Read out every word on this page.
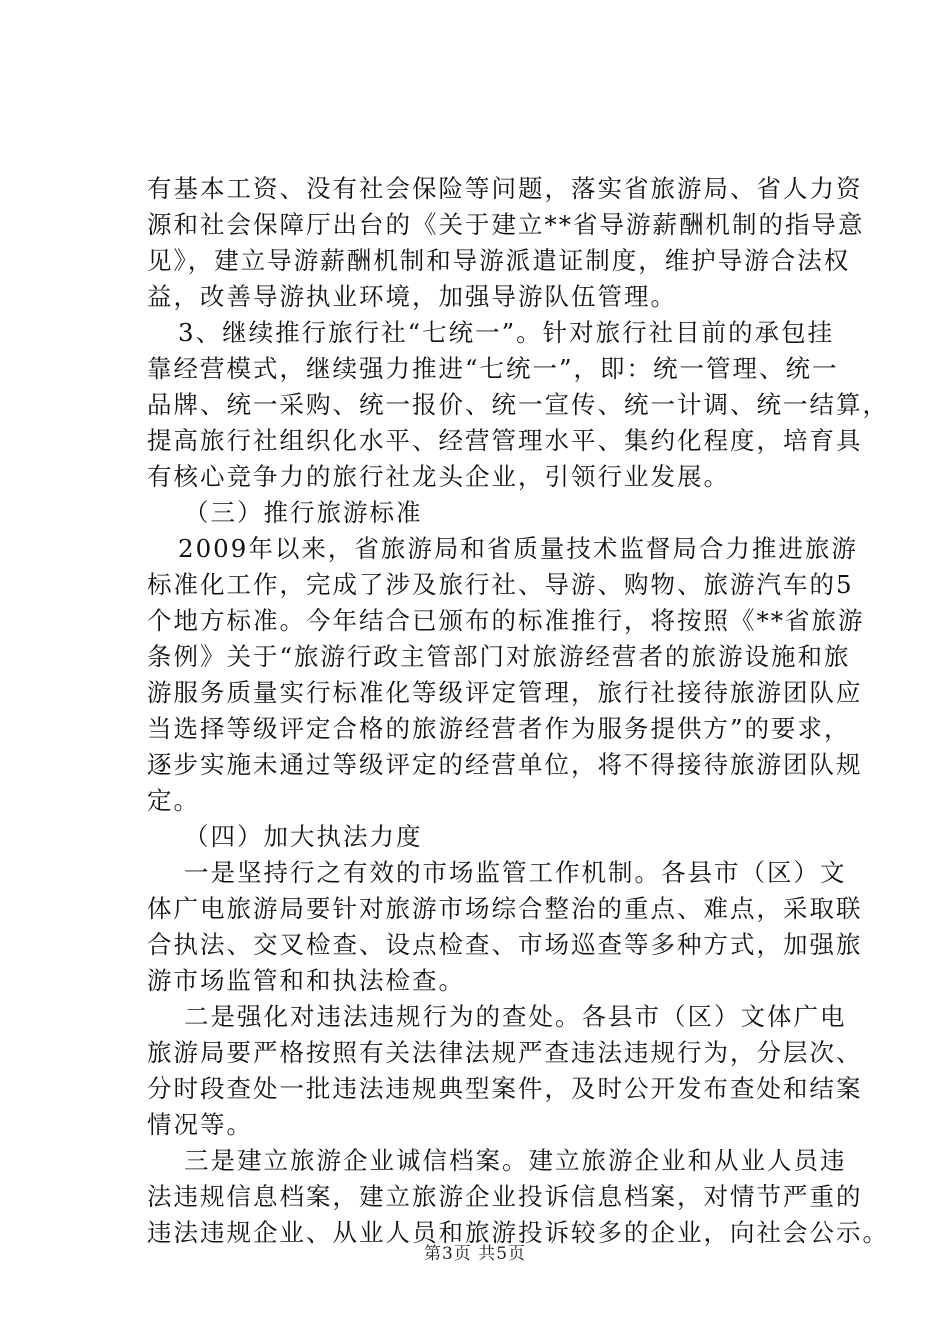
有基本工资、没有社会保险等问题，落实省旅游局、省人力资
源和社会保障厅出台的《关于建立**省导游薪酬机制的指导意
见》，建立导游薪酬机制和导游派遣证制度，维护导游合法权
益，改善导游执业环境，加强导游队伍管理。
3、继续推行旅行社“七统一”。针对旅行社目前的承包挂
靠经营模式，继续强力推进“七统一”，即：统一管理、统一
品牌、统一采购、统一报价、统一宣传、统一计调、统一结算，
提高旅行社组织化水平、经营管理水平、集约化程度，培育具
有核心竞争力的旅行社龙头企业，引领行业发展。
（三）推行旅游标准
2009年以来，省旅游局和省质量技术监督局合力推进旅游
标准化工作，完成了涉及旅行社、导游、购物、旅游汽车的5
个地方标准。今年结合已颁布的标准推行，将按照《**省旅游
条例》关于“旅游行政主管部门对旅游经营者的旅游设施和旅
游服务质量实行标准化等级评定管理，旅行社接待旅游团队应
当选择等级评定合格的旅游经营者作为服务提供方”的要求，
逐步实施未通过等级评定的经营单位，将不得接待旅游团队规
定。
（四）加大执法力度
一是坚持行之有效的市场监管工作机制。各县市（区）文
体广电旅游局要针对旅游市场综合整治的重点、难点，采取联
合执法、交叉检查、设点检查、市场巡查等多种方式，加强旅
游市场监管和和执法检查。
二是强化对违法违规行为的查处。各县市（区）文体广电
旅游局要严格按照有关法律法规严查违法违规行为，分层次、
分时段查处一批违法违规典型案件，及时公开发布查处和结案
情况等。
三是建立旅游企业诚信档案。建立旅游企业和从业人员违
法违规信息档案，建立旅游企业投诉信息档案，对情节严重的
违法违规企业、从业人员和旅游投诉较多的企业，向社会公示。
第3页 共5页
